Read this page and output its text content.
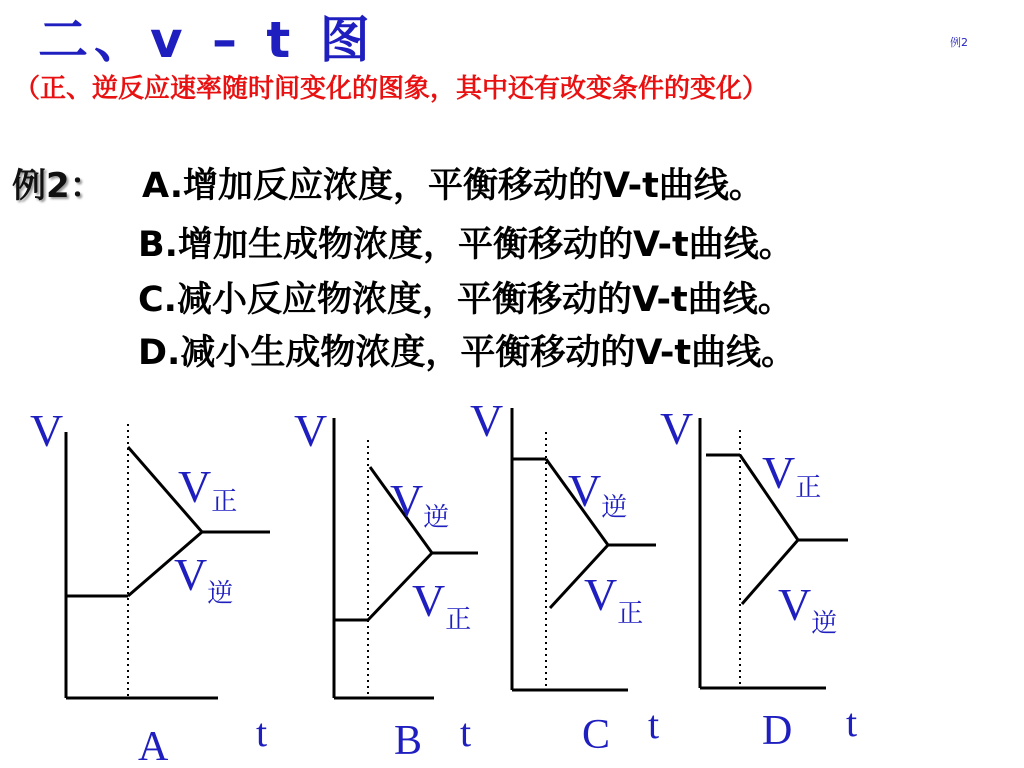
二、v – t 图	例2
（正、逆反应速率随时间变化的图象，其中还有改变条件的变化）
例2： A.增加反应浓度，平衡移动的V-t曲线。
B.增加生成物浓度，平衡移动的V-t曲线。
C.减小反应物浓度，平衡移动的V-t曲线。
D.减小生成物浓度，平衡移动的V-t曲线。
V
t
A
V正
$V_逆$
V
t
B
$V_逆$
$V_正$
V
t
C
$V_逆$
$V_正$
V
t
D
V正
$V_逆$
